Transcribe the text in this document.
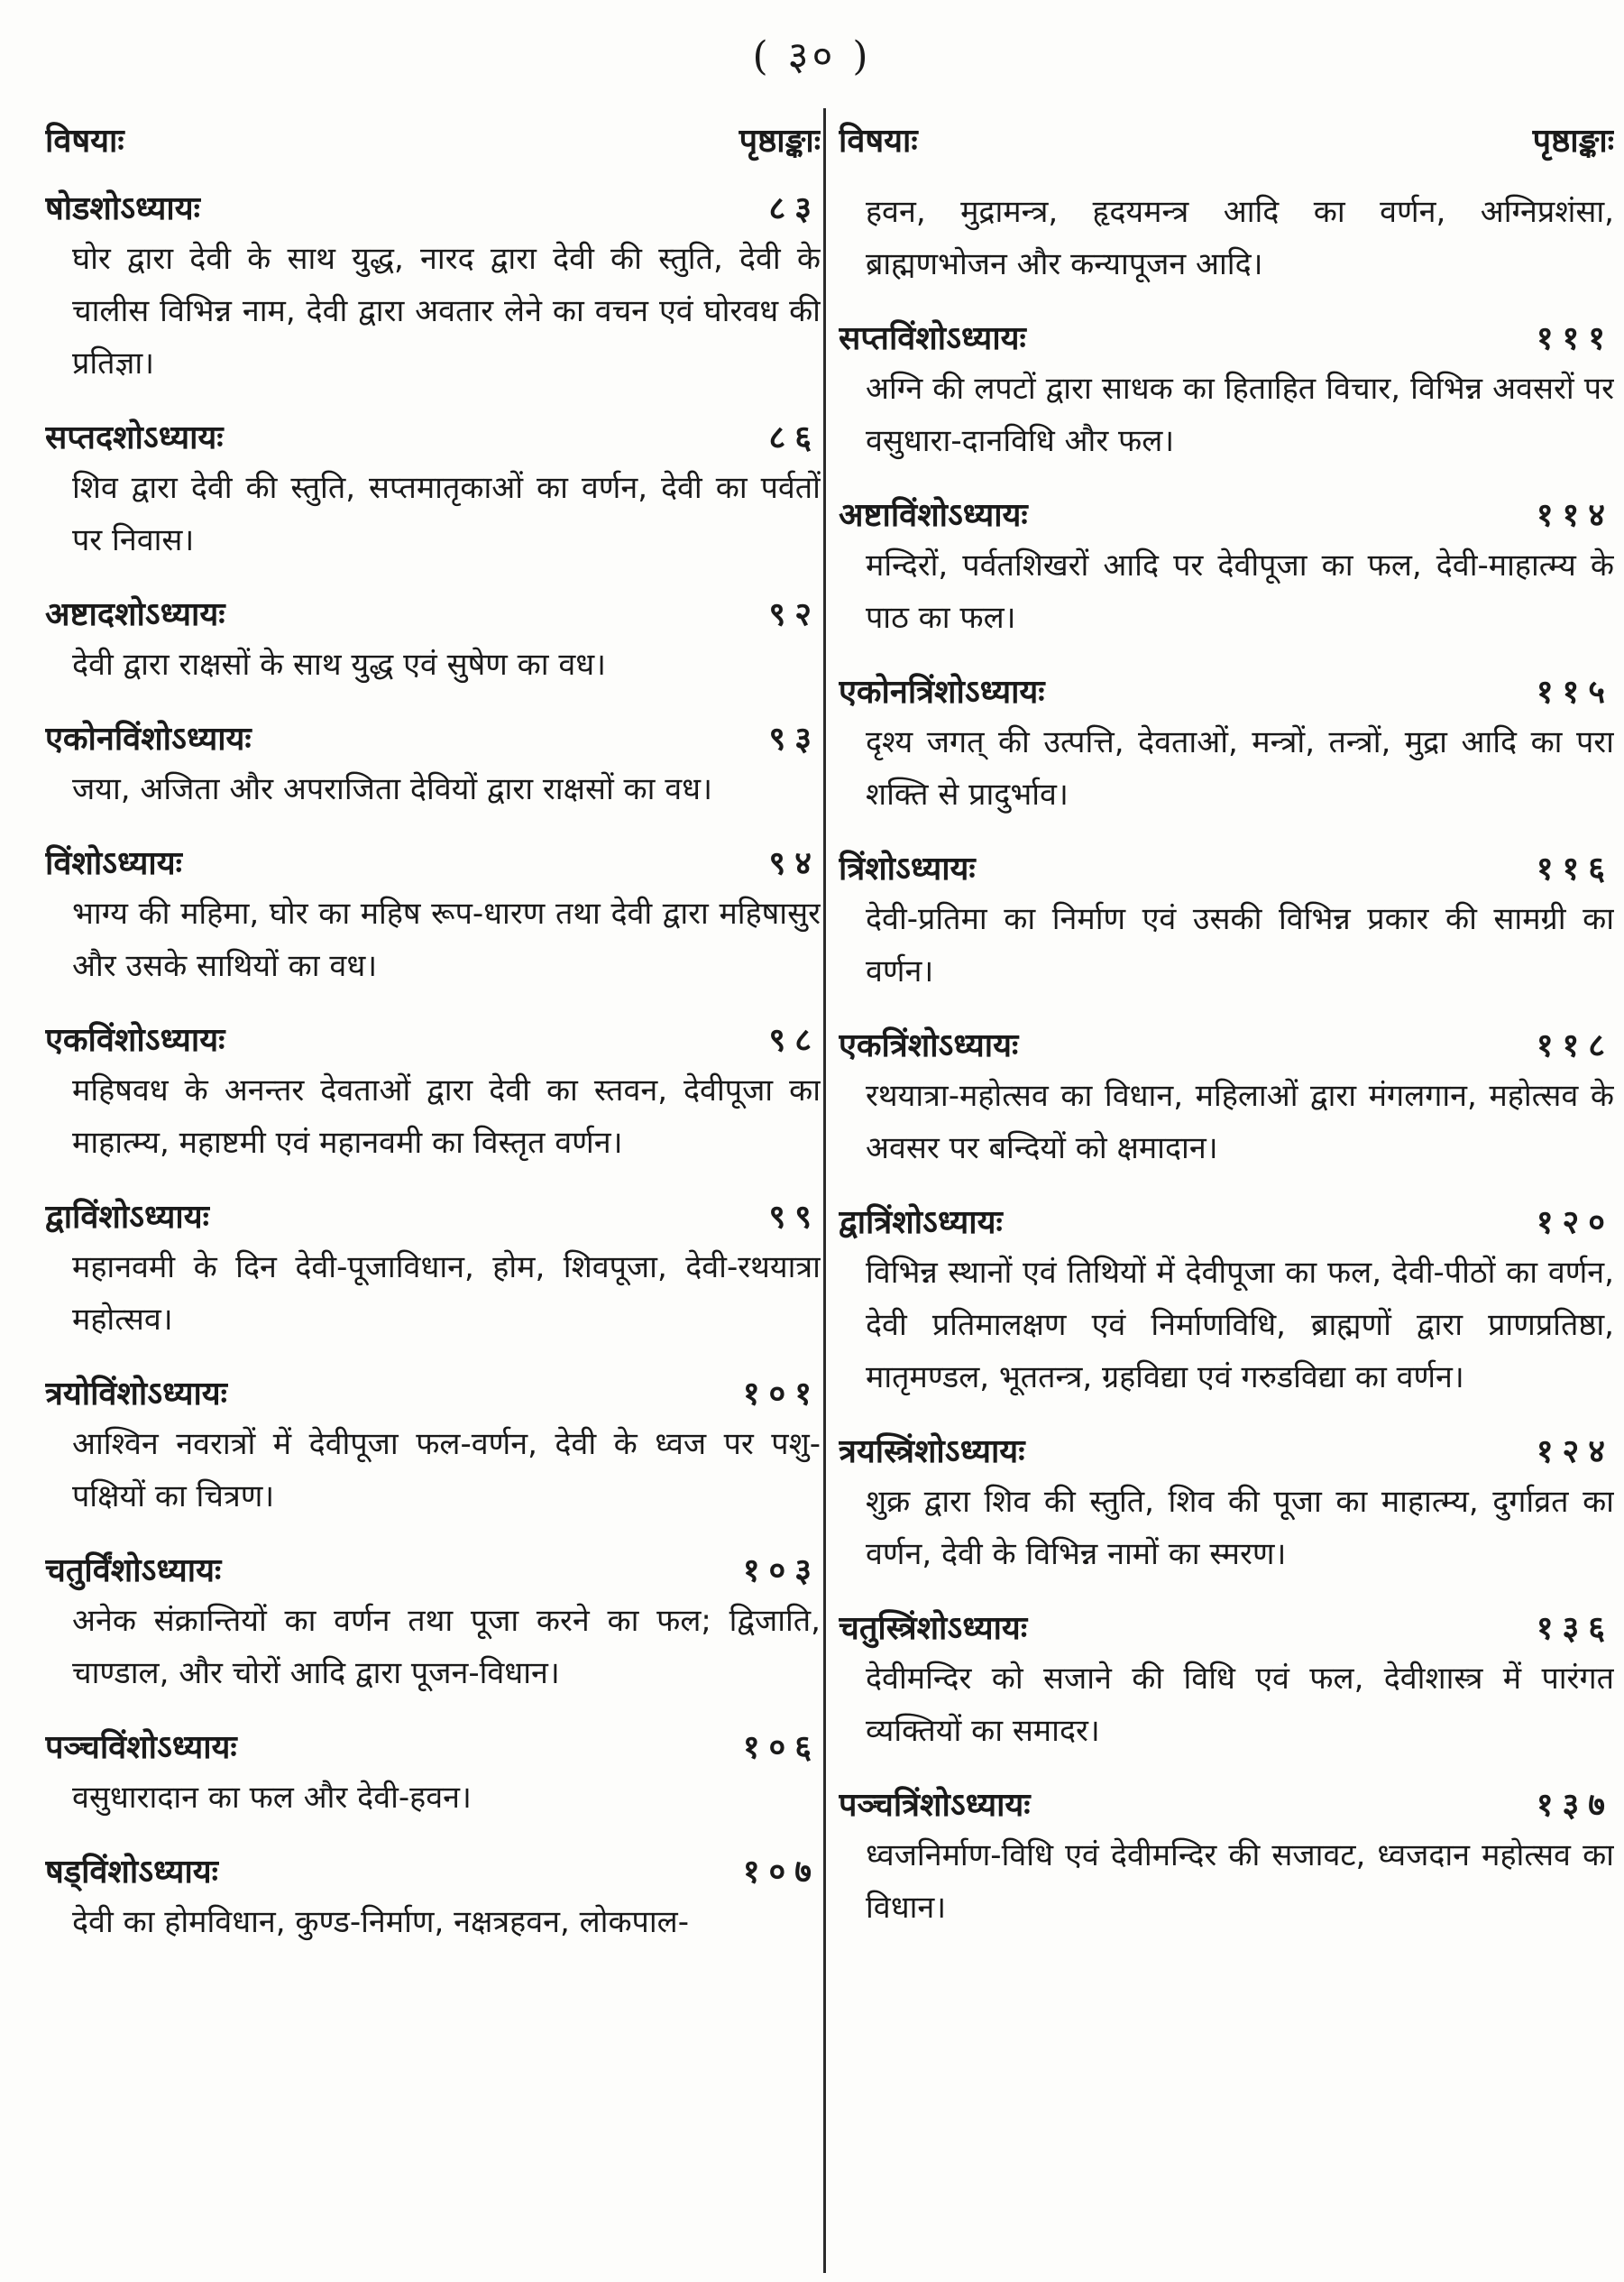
( ३० )
विषयाः	पृष्ठाङ्काः
षोडशोऽध्यायः	८३
घोर द्वारा देवी के साथ युद्ध, नारद द्वारा देवी की स्तुति, देवी के चालीस विभिन्न नाम, देवी द्वारा अवतार लेने का वचन एवं घोरवध की प्रतिज्ञा।
सप्तदशोऽध्यायः	८६
शिव द्वारा देवी की स्तुति, सप्तमातृकाओं का वर्णन, देवी का पर्वतों पर निवास।
अष्टादशोऽध्यायः	९२
देवी द्वारा राक्षसों के साथ युद्ध एवं सुषेण का वध।
एकोनविंशोऽध्यायः	९३
जया, अजिता और अपराजिता देवियों द्वारा राक्षसों का वध।
विंशोऽध्यायः	९४
भाग्य की महिमा, घोर का महिष रूप-धारण तथा देवी द्वारा महिषासुर और उसके साथियों का वध।
एकविंशोऽध्यायः	९८
महिषवध के अनन्तर देवताओं द्वारा देवी का स्तवन, देवीपूजा का माहात्म्य, महाष्टमी एवं महानवमी का विस्तृत वर्णन।
द्वाविंशोऽध्यायः	९९
महानवमी के दिन देवी-पूजाविधान, होम, शिवपूजा, देवी-रथयात्रा महोत्सव।
त्रयोविंशोऽध्यायः	१०१
आश्विन नवरात्रों में देवीपूजा फल-वर्णन, देवी के ध्वज पर पशु-पक्षियों का चित्रण।
चतुर्विंशोऽध्यायः	१०३
अनेक संक्रान्तियों का वर्णन तथा पूजा करने का फल; द्विजाति, चाण्डाल, और चोरों आदि द्वारा पूजन-विधान।
पञ्चविंशोऽध्यायः	१०६
वसुधारादान का फल और देवी-हवन।
षड्विंशोऽध्यायः	१०७
देवी का होमविधान, कुण्ड-निर्माण, नक्षत्रहवन, लोकपाल-
विषयाः	पृष्ठाङ्काः
हवन, मुद्रामन्त्र, हृदयमन्त्र आदि का वर्णन, अग्निप्रशंसा, ब्राह्मणभोजन और कन्यापूजन आदि।
सप्तविंशोऽध्यायः	१११
अग्नि की लपटों द्वारा साधक का हिताहित विचार, विभिन्न अवसरों पर वसुधारा-दानविधि और फल।
अष्टाविंशोऽध्यायः	११४
मन्दिरों, पर्वतशिखरों आदि पर देवीपूजा का फल, देवी-माहात्म्य के पाठ का फल।
एकोनत्रिंशोऽध्यायः	११५
दृश्य जगत् की उत्पत्ति, देवताओं, मन्त्रों, तन्त्रों, मुद्रा आदि का परा शक्ति से प्रादुर्भाव।
त्रिंशोऽध्यायः	११६
देवी-प्रतिमा का निर्माण एवं उसकी विभिन्न प्रकार की सामग्री का वर्णन।
एकत्रिंशोऽध्यायः	११८
रथयात्रा-महोत्सव का विधान, महिलाओं द्वारा मंगलगान, महोत्सव के अवसर पर बन्दियों को क्षमादान।
द्वात्रिंशोऽध्यायः	१२०
विभिन्न स्थानों एवं तिथियों में देवीपूजा का फल, देवी-पीठों का वर्णन, देवी प्रतिमालक्षण एवं निर्माणविधि, ब्राह्मणों द्वारा प्राणप्रतिष्ठा, मातृमण्डल, भूततन्त्र, ग्रहविद्या एवं गरुडविद्या का वर्णन।
त्रयस्त्रिंशोऽध्यायः	१२४
शुक्र द्वारा शिव की स्तुति, शिव की पूजा का माहात्म्य, दुर्गाव्रत का वर्णन, देवी के विभिन्न नामों का स्मरण।
चतुस्त्रिंशोऽध्यायः	१३६
देवीमन्दिर को सजाने की विधि एवं फल, देवीशास्त्र में पारंगत व्यक्तियों का समादर।
पञ्चत्रिंशोऽध्यायः	१३७
ध्वजनिर्माण-विधि एवं देवीमन्दिर की सजावट, ध्वजदान महोत्सव का विधान।
